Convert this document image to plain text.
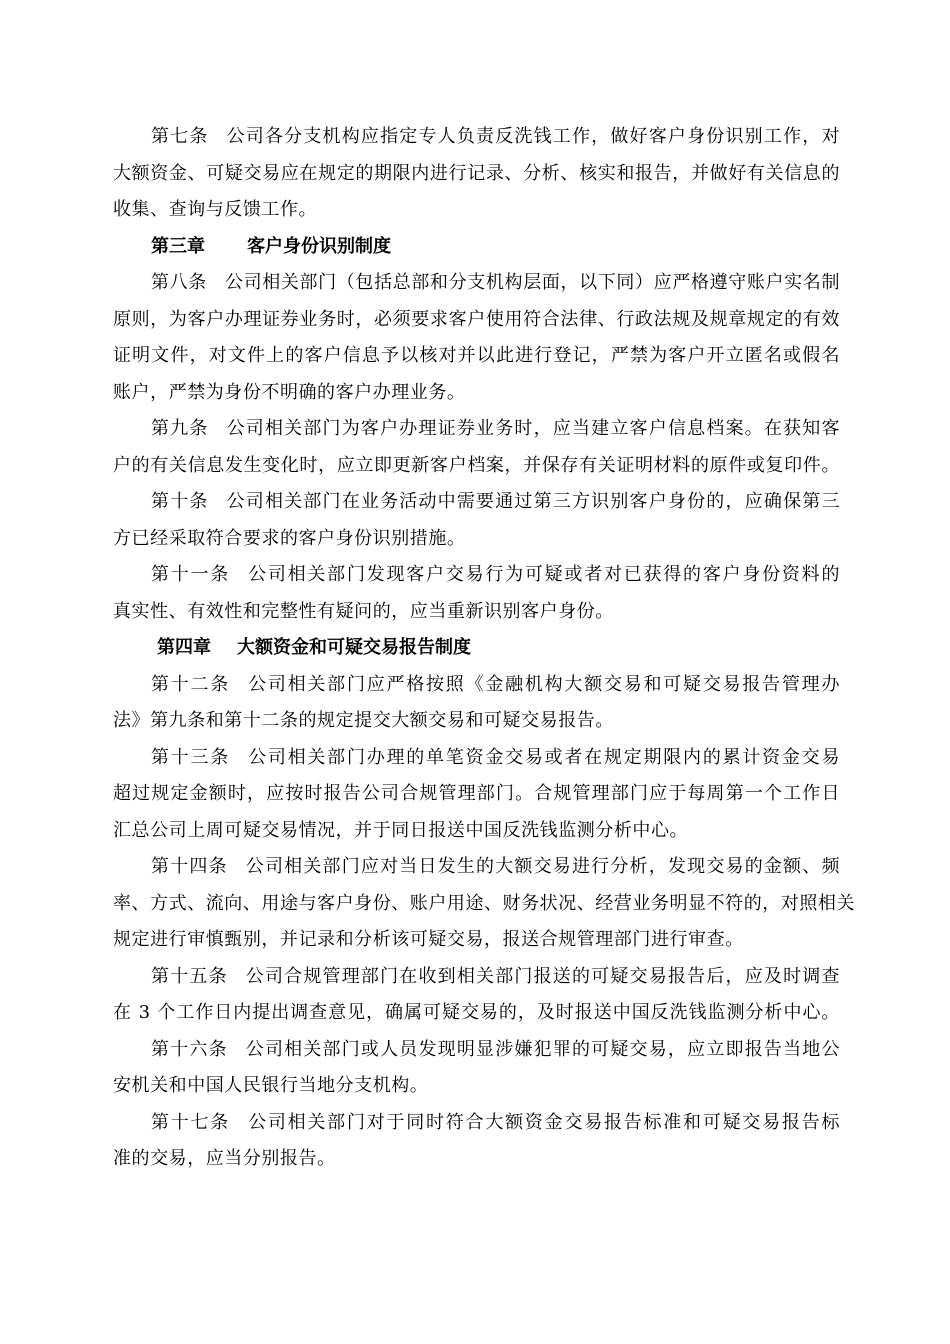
第七条 公司各分支机构应指定专人负责反洗钱工作，做好客户身份识别工作，对
大额资金、可疑交易应在规定的期限内进行记录、分析、核实和报告，并做好有关信息的
收集、查询与反馈工作。
第三章 客户身份识别制度
第八条 公司相关部门（包括总部和分支机构层面，以下同）应严格遵守账户实名制
原则，为客户办理证券业务时，必须要求客户使用符合法律、行政法规及规章规定的有效
证明文件，对文件上的客户信息予以核对并以此进行登记，严禁为客户开立匿名或假名
账户，严禁为身份不明确的客户办理业务。
第九条 公司相关部门为客户办理证券业务时，应当建立客户信息档案。在获知客
户的有关信息发生变化时，应立即更新客户档案，并保存有关证明材料的原件或复印件。
第十条 公司相关部门在业务活动中需要通过第三方识别客户身份的，应确保第三
方已经采取符合要求的客户身份识别措施。
第十一条 公司相关部门发现客户交易行为可疑或者对已获得的客户身份资料的
真实性、有效性和完整性有疑问的，应当重新识别客户身份。
第四章 大额资金和可疑交易报告制度
第十二条 公司相关部门应严格按照《金融机构大额交易和可疑交易报告管理办
法》第九条和第十二条的规定提交大额交易和可疑交易报告。
第十三条 公司相关部门办理的单笔资金交易或者在规定期限内的累计资金交易
超过规定金额时，应按时报告公司合规管理部门。合规管理部门应于每周第一个工作日
汇总公司上周可疑交易情况，并于同日报送中国反洗钱监测分析中心。
第十四条 公司相关部门应对当日发生的大额交易进行分析，发现交易的金额、频
率、方式、流向、用途与客户身份、账户用途、财务状况、经营业务明显不符的，对照相关
规定进行审慎甄别，并记录和分析该可疑交易，报送合规管理部门进行审查。
第十五条 公司合规管理部门在收到相关部门报送的可疑交易报告后，应及时调查
在 3 个工作日内提出调查意见，确属可疑交易的，及时报送中国反洗钱监测分析中心。
第十六条 公司相关部门或人员发现明显涉嫌犯罪的可疑交易，应立即报告当地公
安机关和中国人民银行当地分支机构。
第十七条 公司相关部门对于同时符合大额资金交易报告标准和可疑交易报告标
准的交易，应当分别报告。
